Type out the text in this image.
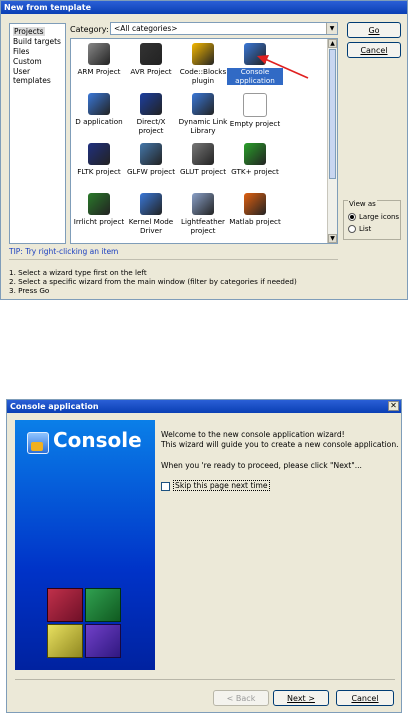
New from template
Projects
Build targets
Files
Custom
User templates
Category: <All categories>	▼
ARM Project	AVR Project	Code::Blocks plugin
Console application
D application	Direct/X project
Dynamic Link Library
Empty project
FLTK project GLFW project GLUT project GTK+ project
Irrlicht project Kernel Mode Driver
Lightfeather project
Matlab project
▲
▼
Go
Cancel
View as
Large icons
List
TIP: Try right-clicking an item
1. Select a wizard type first on the left
2. Select a specific wizard from the main window (filter by categories if needed)
3. Press Go
Console application	✕
Console	Welcome to the new console application wizard!
This wizard will guide you to create a new console application.
When you 're ready to proceed, please click "Next"...
Skip this page next time
< Back	Next >	Cancel
